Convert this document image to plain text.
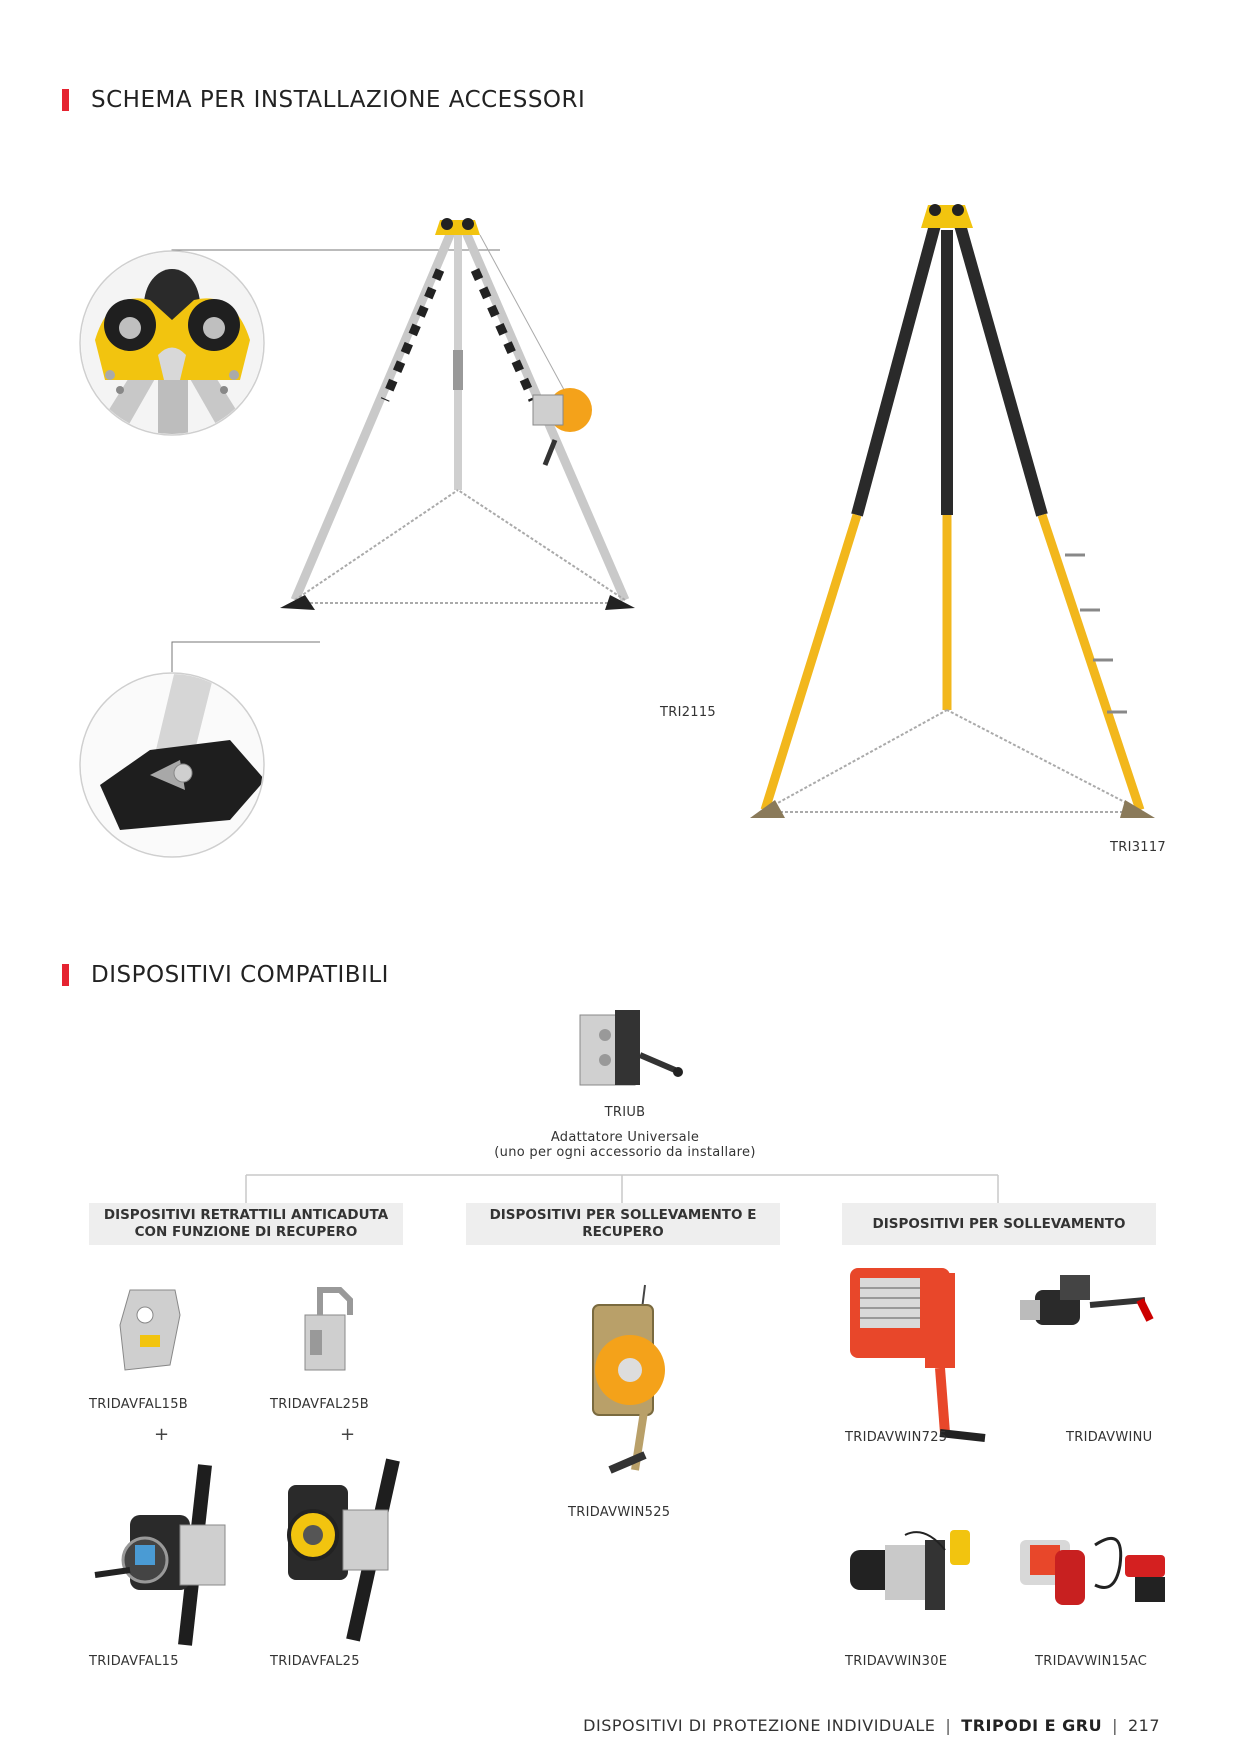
SCHEMA PER INSTALLAZIONE ACCESSORI
TRI2115
TRI3117
DISPOSITIVI COMPATIBILI
TRIUB
Adattatore Universale
(uno per ogni accessorio da installare)
DISPOSITIVI RETRATTILI ANTICADUTA
CON FUNZIONE DI RECUPERO
DISPOSITIVI PER SOLLEVAMENTO E
RECUPERO
DISPOSITIVI PER SOLLEVAMENTO
TRIDAVFAL15B	TRIDAVFAL25B
+	+
TRIDAVFAL15	TRIDAVFAL25
TRIDAVWIN525
TRIDAVWIN725	TRIDAVWINU
TRIDAVWIN30E	TRIDAVWIN15AC
DISPOSITIVI DI PROTEZIONE INDIVIDUALE | TRIPODI E GRU | 217
